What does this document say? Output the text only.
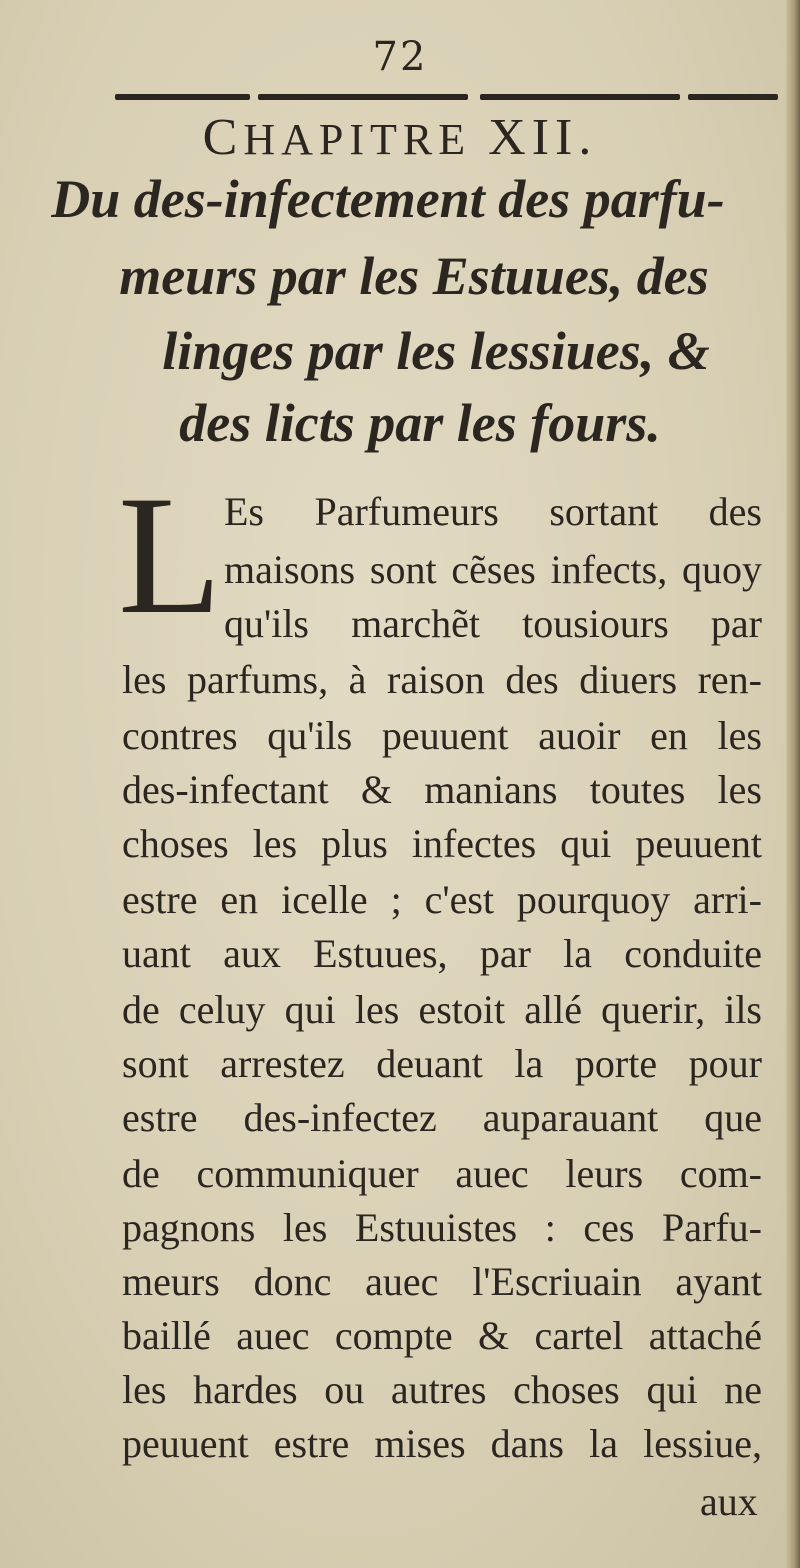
72
CHAPITRE XII.
Du des-infectement des parfu-
meurs par les Estuues, des
linges par les lessiues, &
des licts par les fours.
L Es Parfumeurs sortant des
maisons sont cẽses infects, quoy
qu'ils marchẽt tousiours par
les parfums, à raison des diuers ren-
contres qu'ils peuuent auoir en les
des-infectant & manians toutes les
choses les plus infectes qui peuuent
estre en icelle ; c'est pourquoy arri-
uant aux Estuues, par la conduite
de celuy qui les estoit allé querir, ils
sont arrestez deuant la porte pour
estre des-infectez auparauant que
de communiquer auec leurs com-
pagnons les Estuuistes : ces Parfu-
meurs donc auec l'Escriuain ayant
baillé auec compte & cartel attaché
les hardes ou autres choses qui ne
peuuent estre mises dans la lessiue,
aux
